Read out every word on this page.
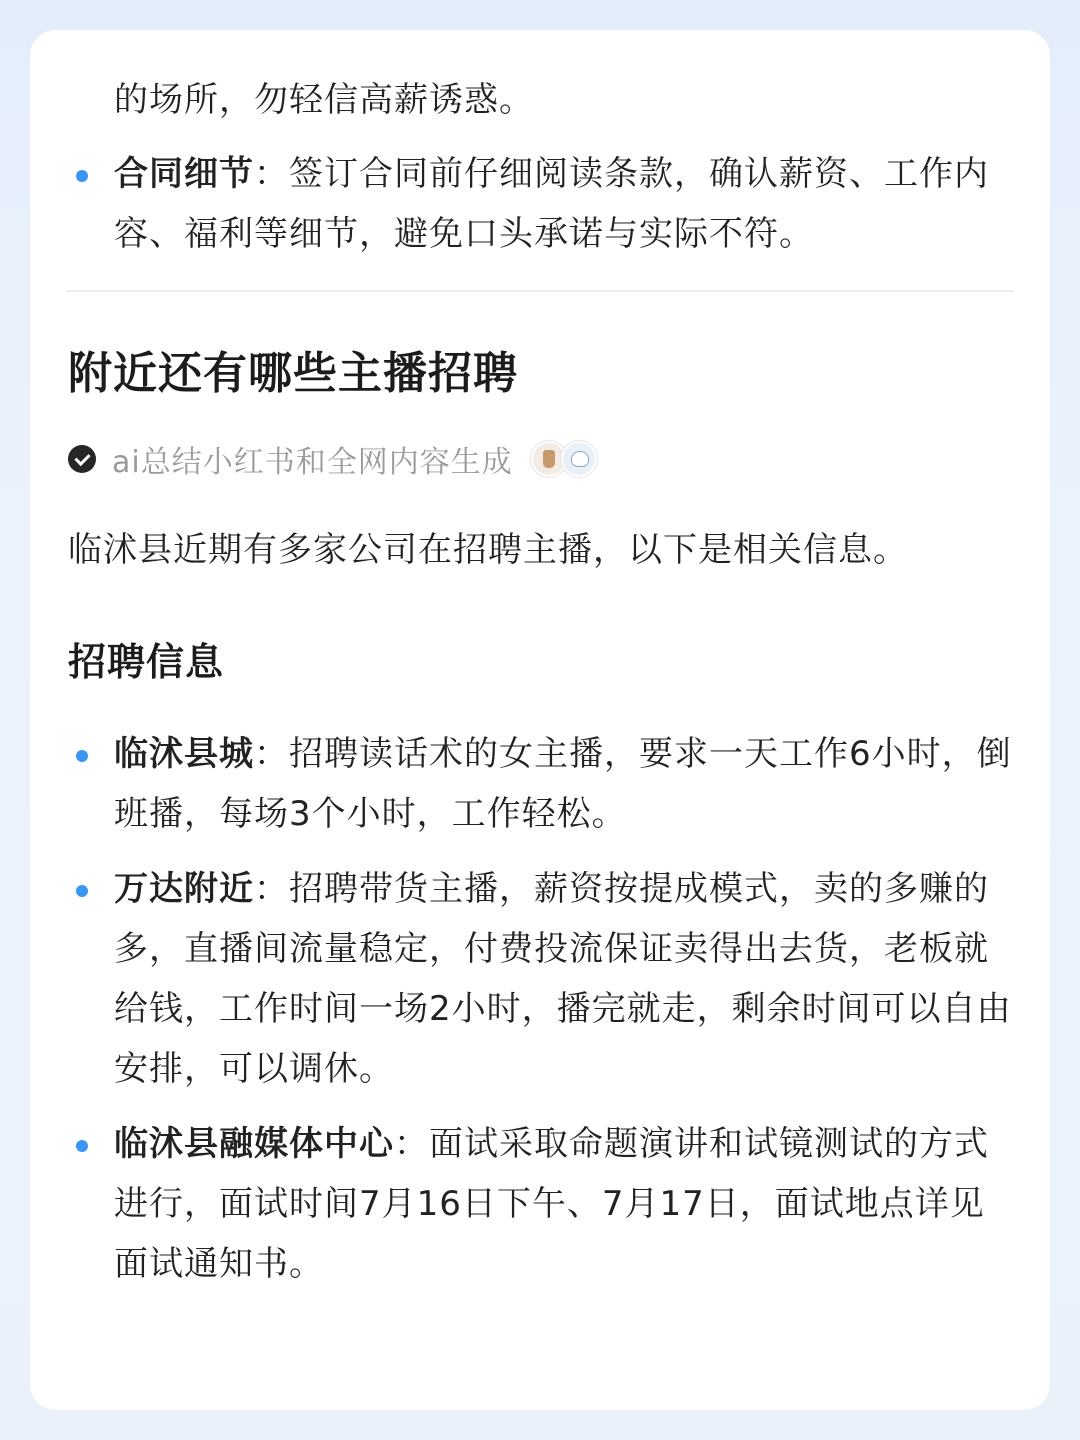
的场所，勿轻信高薪诱惑。
合同细节：签订合同前仔细阅读条款，确认薪资、工作内容、福利等细节，避免口头承诺与实际不符。
附近还有哪些主播招聘
ai总结小红书和全网内容生成
临沭县近期有多家公司在招聘主播，以下是相关信息。
招聘信息
临沭县城：招聘读话术的女主播，要求一天工作6小时，倒班播，每场3个小时，工作轻松。
万达附近：招聘带货主播，薪资按提成模式，卖的多赚的多，直播间流量稳定，付费投流保证卖得出去货，老板就给钱，工作时间一场2小时，播完就走，剩余时间可以自由安排，可以调休。
临沭县融媒体中心：面试采取命题演讲和试镜测试的方式进行，面试时间7月16日下午、7月17日，面试地点详见面试通知书。
